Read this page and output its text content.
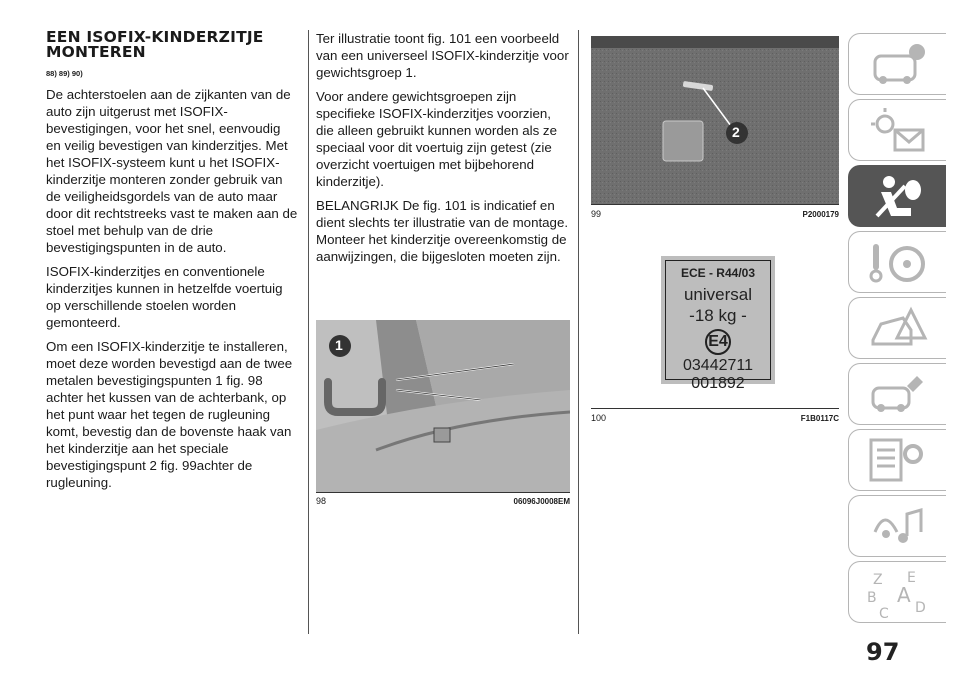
EEN ISOFIX-KINDERZITJE
MONTEREN
88) 89) 90)

De achterstoelen aan de zijkanten van de auto zijn uitgerust met ISOFIX-bevestigingen, voor het snel, eenvoudig en veilig bevestigen van kinderzitjes. Met het ISOFIX-systeem kunt u het ISOFIX-kinderzitje monteren zonder gebruik van de veiligheidsgordels van de auto maar door dit rechtstreeks vast te maken aan de stoel met behulp van de drie bevestigingspunten in de auto.

ISOFIX-kinderzitjes en conventionele kinderzitjes kunnen in hetzelfde voertuig op verschillende stoelen worden gemonteerd.

Om een ISOFIX-kinderzitje te installeren, moet deze worden bevestigd aan de twee metalen bevestigingspunten 1 fig. 98 achter het kussen van de achterbank, op het punt waar het tegen de rugleuning komt, bevestig dan de bovenste haak van het kinderzitje aan het speciale bevestigingspunt 2 fig. 99achter de rugleuning.

Ter illustratie toont fig. 101 een voorbeeld van een universeel ISOFIX-kinderzitje voor gewichtsgroep 1.

Voor andere gewichtsgroepen zijn specifieke ISOFIX-kinderzitjes voorzien, die alleen gebruikt kunnen worden als ze speciaal voor dit voertuig zijn getest (zie overzicht voertuigen met bijbehorend kinderzitje).

BELANGRIJK De fig. 101 is indicatief en dient slechts ter illustratie van de montage. Monteer het kinderzitje overeenkomstig de aanwijzingen, die bijgesloten moeten zijn.

1
98	06096J0008EM
2
99	P2000179
ECE - R44/03
universal
-18 kg -
E4
03442711
001892
100	F1B0117C
Z E
B A
C D
97
